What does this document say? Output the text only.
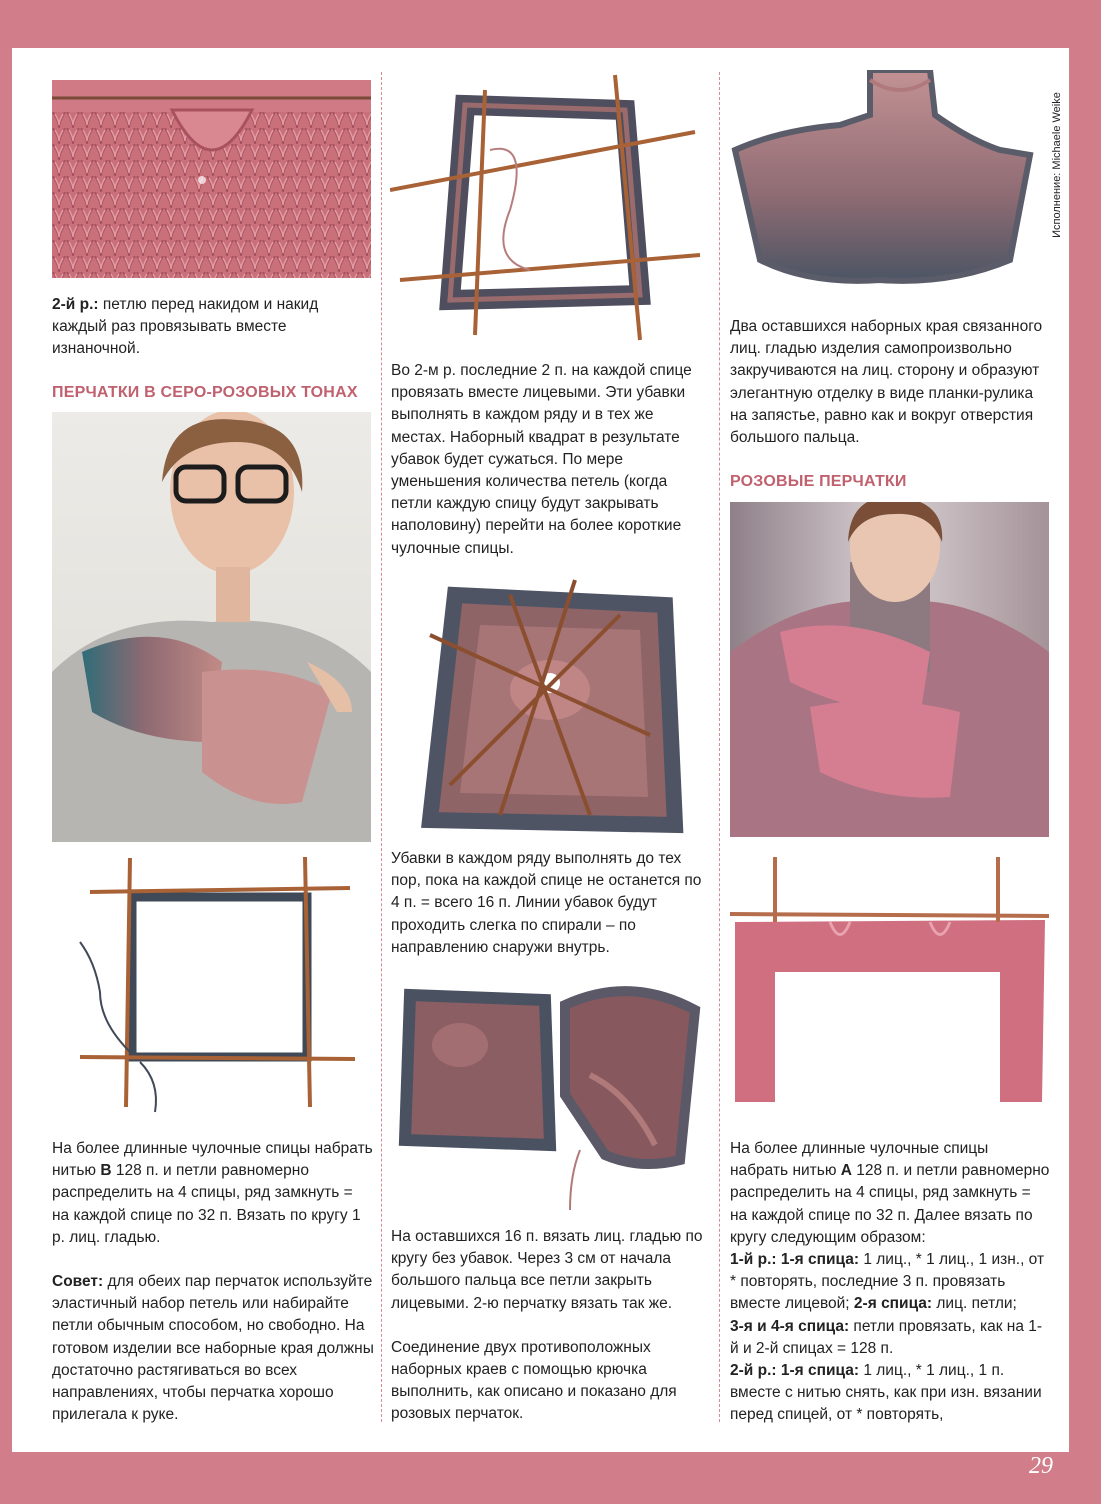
Исполнение: Michaele Weike

2-й р.: петлю перед накидом и накид каждый раз провязывать вместе изнаночной.

ПЕРЧАТКИ В СЕРО-РОЗОВЫХ ТОНАХ

На более длинные чулочные спицы набрать нитью B 128 п. и петли равномерно распределить на 4 спицы, ряд замкнуть = на каждой спице по 32 п. Вязать по кругу 1 р. лиц. гладью.

Совет: для обеих пар перчаток используйте эластичный набор петель или набирайте петли обычным способом, но свободно. На готовом изделии все наборные края должны достаточно растягиваться во всех направлениях, чтобы перчатка хорошо прилегала к руке.

Во 2-м р. последние 2 п. на каждой спице провязать вместе лицевыми. Эти убавки выполнять в каждом ряду и в тех же местах. Наборный квадрат в результате убавок будет сужаться. По мере уменьшения количества петель (когда петли каждую спицу будут закрывать наполовину) перейти на более короткие чулочные спицы.

Убавки в каждом ряду выполнять до тех пор, пока на каждой спице не останется по 4 п. = всего 16 п. Линии убавок будут проходить слегка по спирали – по направлению снаружи внутрь.

На оставшихся 16 п. вязать лиц. гладью по кругу без убавок. Через 3 см от начала большого пальца все петли закрыть лицевыми. 2-ю перчатку вязать так же.

Соединение двух противоположных наборных краев с помощью крючка выполнить, как описано и показано для розовых перчаток.

Два оставшихся наборных края связанного лиц. гладью изделия самопроизвольно закручиваются на лиц. сторону и образуют элегантную отделку в виде планки-рулика на запястье, равно как и вокруг отверстия большого пальца.

РОЗОВЫЕ ПЕРЧАТКИ

На более длинные чулочные спицы набрать нитью A 128 п. и петли равномерно распределить на 4 спицы, ряд замкнуть = на каждой спице по 32 п. Далее вязать по кругу следующим образом:

1-й р.: 1-я спица: 1 лиц., * 1 лиц., 1 изн., от * повторять, последние 3 п. провязать вместе лицевой; 2-я спица: лиц. петли;

3-я и 4-я спица: петли провязать, как на 1-й и 2-й спицах = 128 п.

2-й р.: 1-я спица: 1 лиц., * 1 лиц., 1 п. вместе с нитью снять, как при изн. вязании перед спицей, от * повторять,

29
